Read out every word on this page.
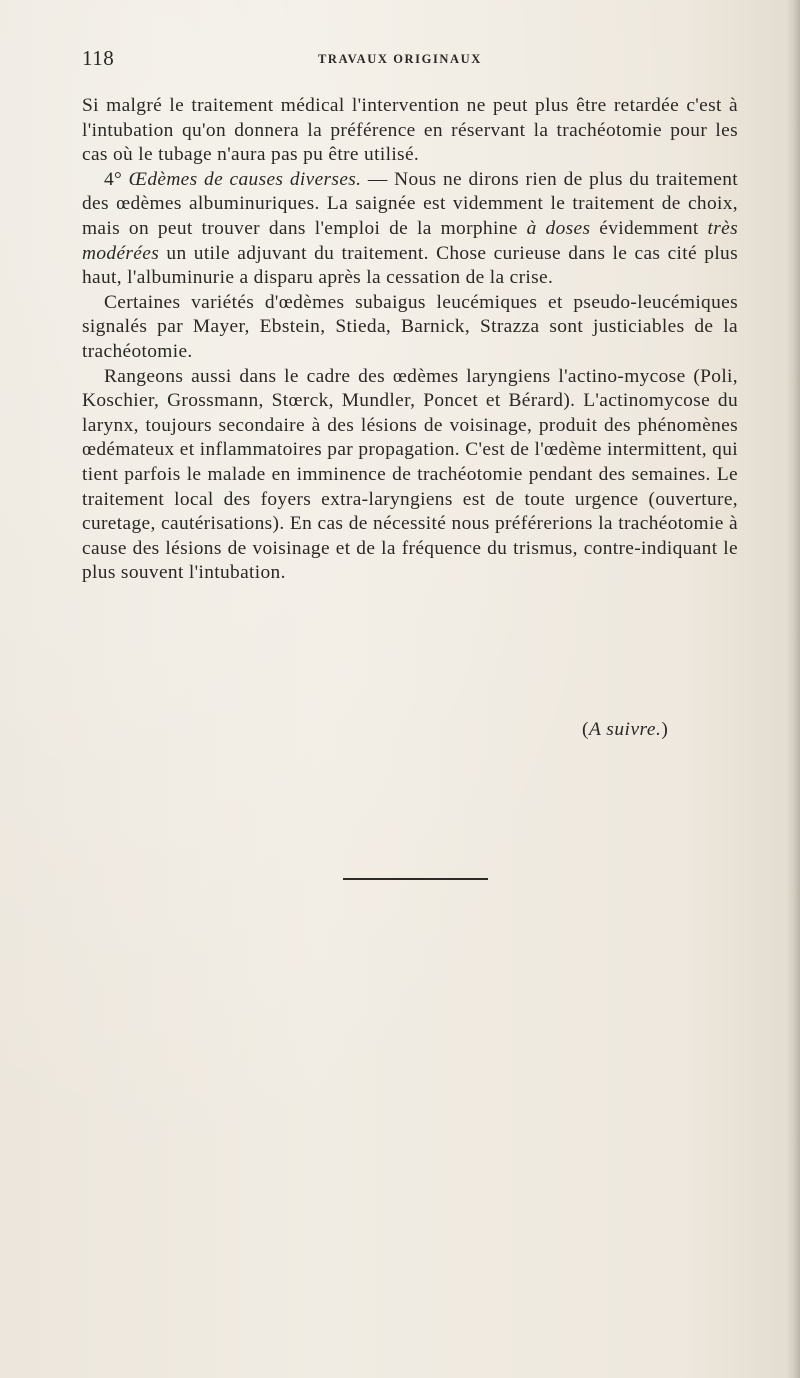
118	TRAVAUX ORIGINAUX

Si malgré le traitement médical l'intervention ne peut plus être retardée c'est à l'intubation qu'on donnera la préférence en réservant la trachéotomie pour les cas où le tubage n'aura pas pu être utilisé.

4° Œdèmes de causes diverses. — Nous ne dirons rien de plus du traitement des œdèmes albuminuriques. La saignée est videmment le traitement de choix, mais on peut trouver dans l'emploi de la morphine à doses évidemment très modérées un utile adjuvant du traitement. Chose curieuse dans le cas cité plus haut, l'albuminurie a disparu après la cessation de la crise.

Certaines variétés d'œdèmes subaigus leucémiques et pseudo-leucémiques signalés par Mayer, Ebstein, Stieda, Barnick, Strazza sont justiciables de la trachéotomie.

Rangeons aussi dans le cadre des œdèmes laryngiens l'actino-mycose (Poli, Koschier, Grossmann, Stœrck, Mundler, Poncet et Bérard). L'actinomycose du larynx, toujours secondaire à des lésions de voisinage, produit des phénomènes œdémateux et inflammatoires par propagation. C'est de l'œdème intermittent, qui tient parfois le malade en imminence de trachéotomie pendant des semaines. Le traitement local des foyers extra-laryngiens est de toute urgence (ouverture, curetage, cautérisations). En cas de nécessité nous préférerions la trachéotomie à cause des lésions de voisinage et de la fréquence du trismus, contre-indiquant le plus souvent l'intubation.

(A suivre.)
